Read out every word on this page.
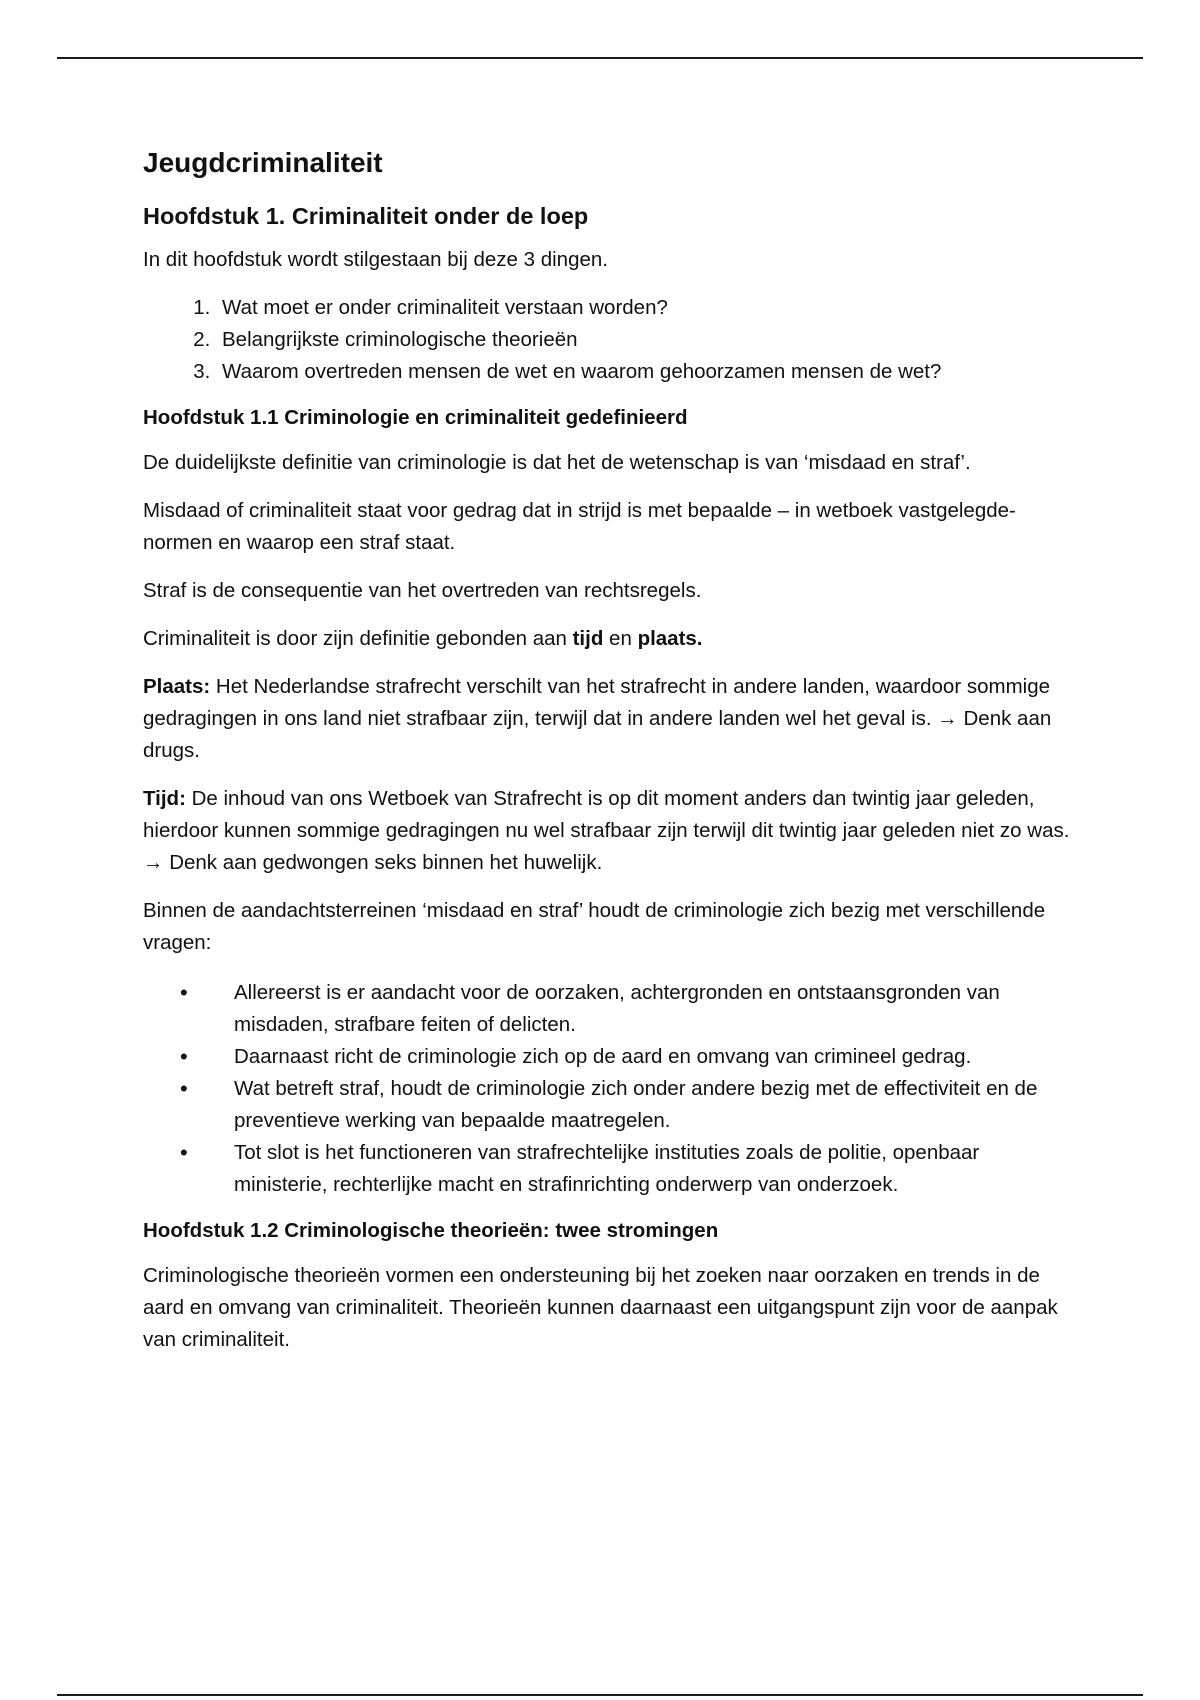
Jeugdcriminaliteit
Hoofdstuk 1. Criminaliteit onder de loep

In dit hoofdstuk wordt stilgestaan bij deze 3 dingen.

1. Wat moet er onder criminaliteit verstaan worden?
2. Belangrijkste criminologische theorieën
3. Waarom overtreden mensen de wet en waarom gehoorzamen mensen de wet?
Hoofdstuk 1.1 Criminologie en criminaliteit gedefinieerd

De duidelijkste definitie van criminologie is dat het de wetenschap is van ‘misdaad en straf’.

Misdaad of criminaliteit staat voor gedrag dat in strijd is met bepaalde – in wetboek vastgelegde-normen en waarop een straf staat.

Straf is de consequentie van het overtreden van rechtsregels.

Criminaliteit is door zijn definitie gebonden aan tijd en plaats.

Plaats: Het Nederlandse strafrecht verschilt van het strafrecht in andere landen, waardoor sommige gedragingen in ons land niet strafbaar zijn, terwijl dat in andere landen wel het geval is. → Denk aan drugs.

Tijd: De inhoud van ons Wetboek van Strafrecht is op dit moment anders dan twintig jaar geleden, hierdoor kunnen sommige gedragingen nu wel strafbaar zijn terwijl dit twintig jaar geleden niet zo was. → Denk aan gedwongen seks binnen het huwelijk.

Binnen de aandachtsterreinen ‘misdaad en straf’ houdt de criminologie zich bezig met verschillende vragen:

• Allereerst is er aandacht voor de oorzaken, achtergronden en ontstaansgronden van misdaden, strafbare feiten of delicten.
• Daarnaast richt de criminologie zich op de aard en omvang van crimineel gedrag.
• Wat betreft straf, houdt de criminologie zich onder andere bezig met de effectiviteit en de preventieve werking van bepaalde maatregelen.
• Tot slot is het functioneren van strafrechtelijke instituties zoals de politie, openbaar ministerie, rechterlijke macht en strafinrichting onderwerp van onderzoek.
Hoofdstuk 1.2 Criminologische theorieën: twee stromingen

Criminologische theorieën vormen een ondersteuning bij het zoeken naar oorzaken en trends in de aard en omvang van criminaliteit. Theorieën kunnen daarnaast een uitgangspunt zijn voor de aanpak van criminaliteit.
